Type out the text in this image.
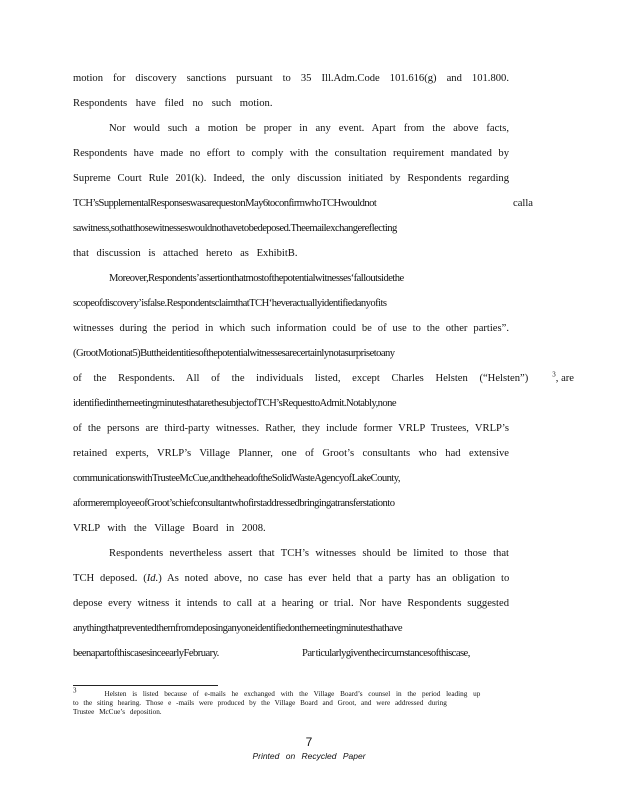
motion for discovery sanctions pursuant to 35 Ill.Adm.Code 101.616(g) and 101.800.
Respondents have filed no such motion.
Nor would such a motion be proper in any event. Apart from the above facts,
Respondents have made no effort to comply with the consultation requirement mandated by
Supreme Court Rule 201(k). Indeed, the only discussion initiated by Respondents regarding
TCH’sSupplementalResponseswasarequestonMay6toconfirmwhoTCHwouldnot	calla
sawitness,sothatthosewitnesseswouldnothavetobedeposed.Theemailexchangereflecting
that discussion is attached hereto as ExhibitB.
Moreover,Respondents’assertionthatmostofthepotentialwitnesses‘falloutsidethe
scopeofdiscovery’isfalse.RespondentsclaimthatTCH‘heveractuallyidentifiedanyofits
witnesses during the period in which such information could be of use to the other parties”.
(GrootMotionat5)Buttheidentitiesofthepotentialwitnessesarecertainlynotasurprisetoany
of the Respondents. All of the individuals listed, except Charles Helsten (“Helsten”)	$^3$, are
identifiedinthemeetingminutesthatarethesubjectofTCH’sRequesttoAdmit.Notably,none
of the persons are third-party witnesses. Rather, they include former VRLP Trustees, VRLP’s
retained experts, VRLP’s Village Planner, one of Groot’s consultants who had extensive
communicationswithTrusteeMcCue,andtheheadoftheSolidWasteAgencyofLakeCounty,
aformeremployeeofGroot’schiefconsultantwhofirstaddressedbringingatransferstationto
VRLP with the Village Board in 2008.
Respondents nevertheless assert that TCH’s witnesses should be limited to those that
TCH deposed. (Id.) As noted above, no case has ever held that a party has an obligation to
depose every witness it intends to call at a hearing or trial. Nor have Respondents suggested
anythingthatpreventedthemfromdeposinganyoneidentifiedonthemeetingminutesthathave
beenapartofthiscasesinceearlyFebruary.	Par ticularlygiventhecircumstancesofthiscase,
$^3$	Helsten is listed because of e-mails he exchanged with the Village Board’s counsel in the period leading up
to the siting hearing. Those e -mails were produced by the Village Board and Groot, and were addressed during
Trustee McCue’s deposition.
7
Printed on Recycled Paper
